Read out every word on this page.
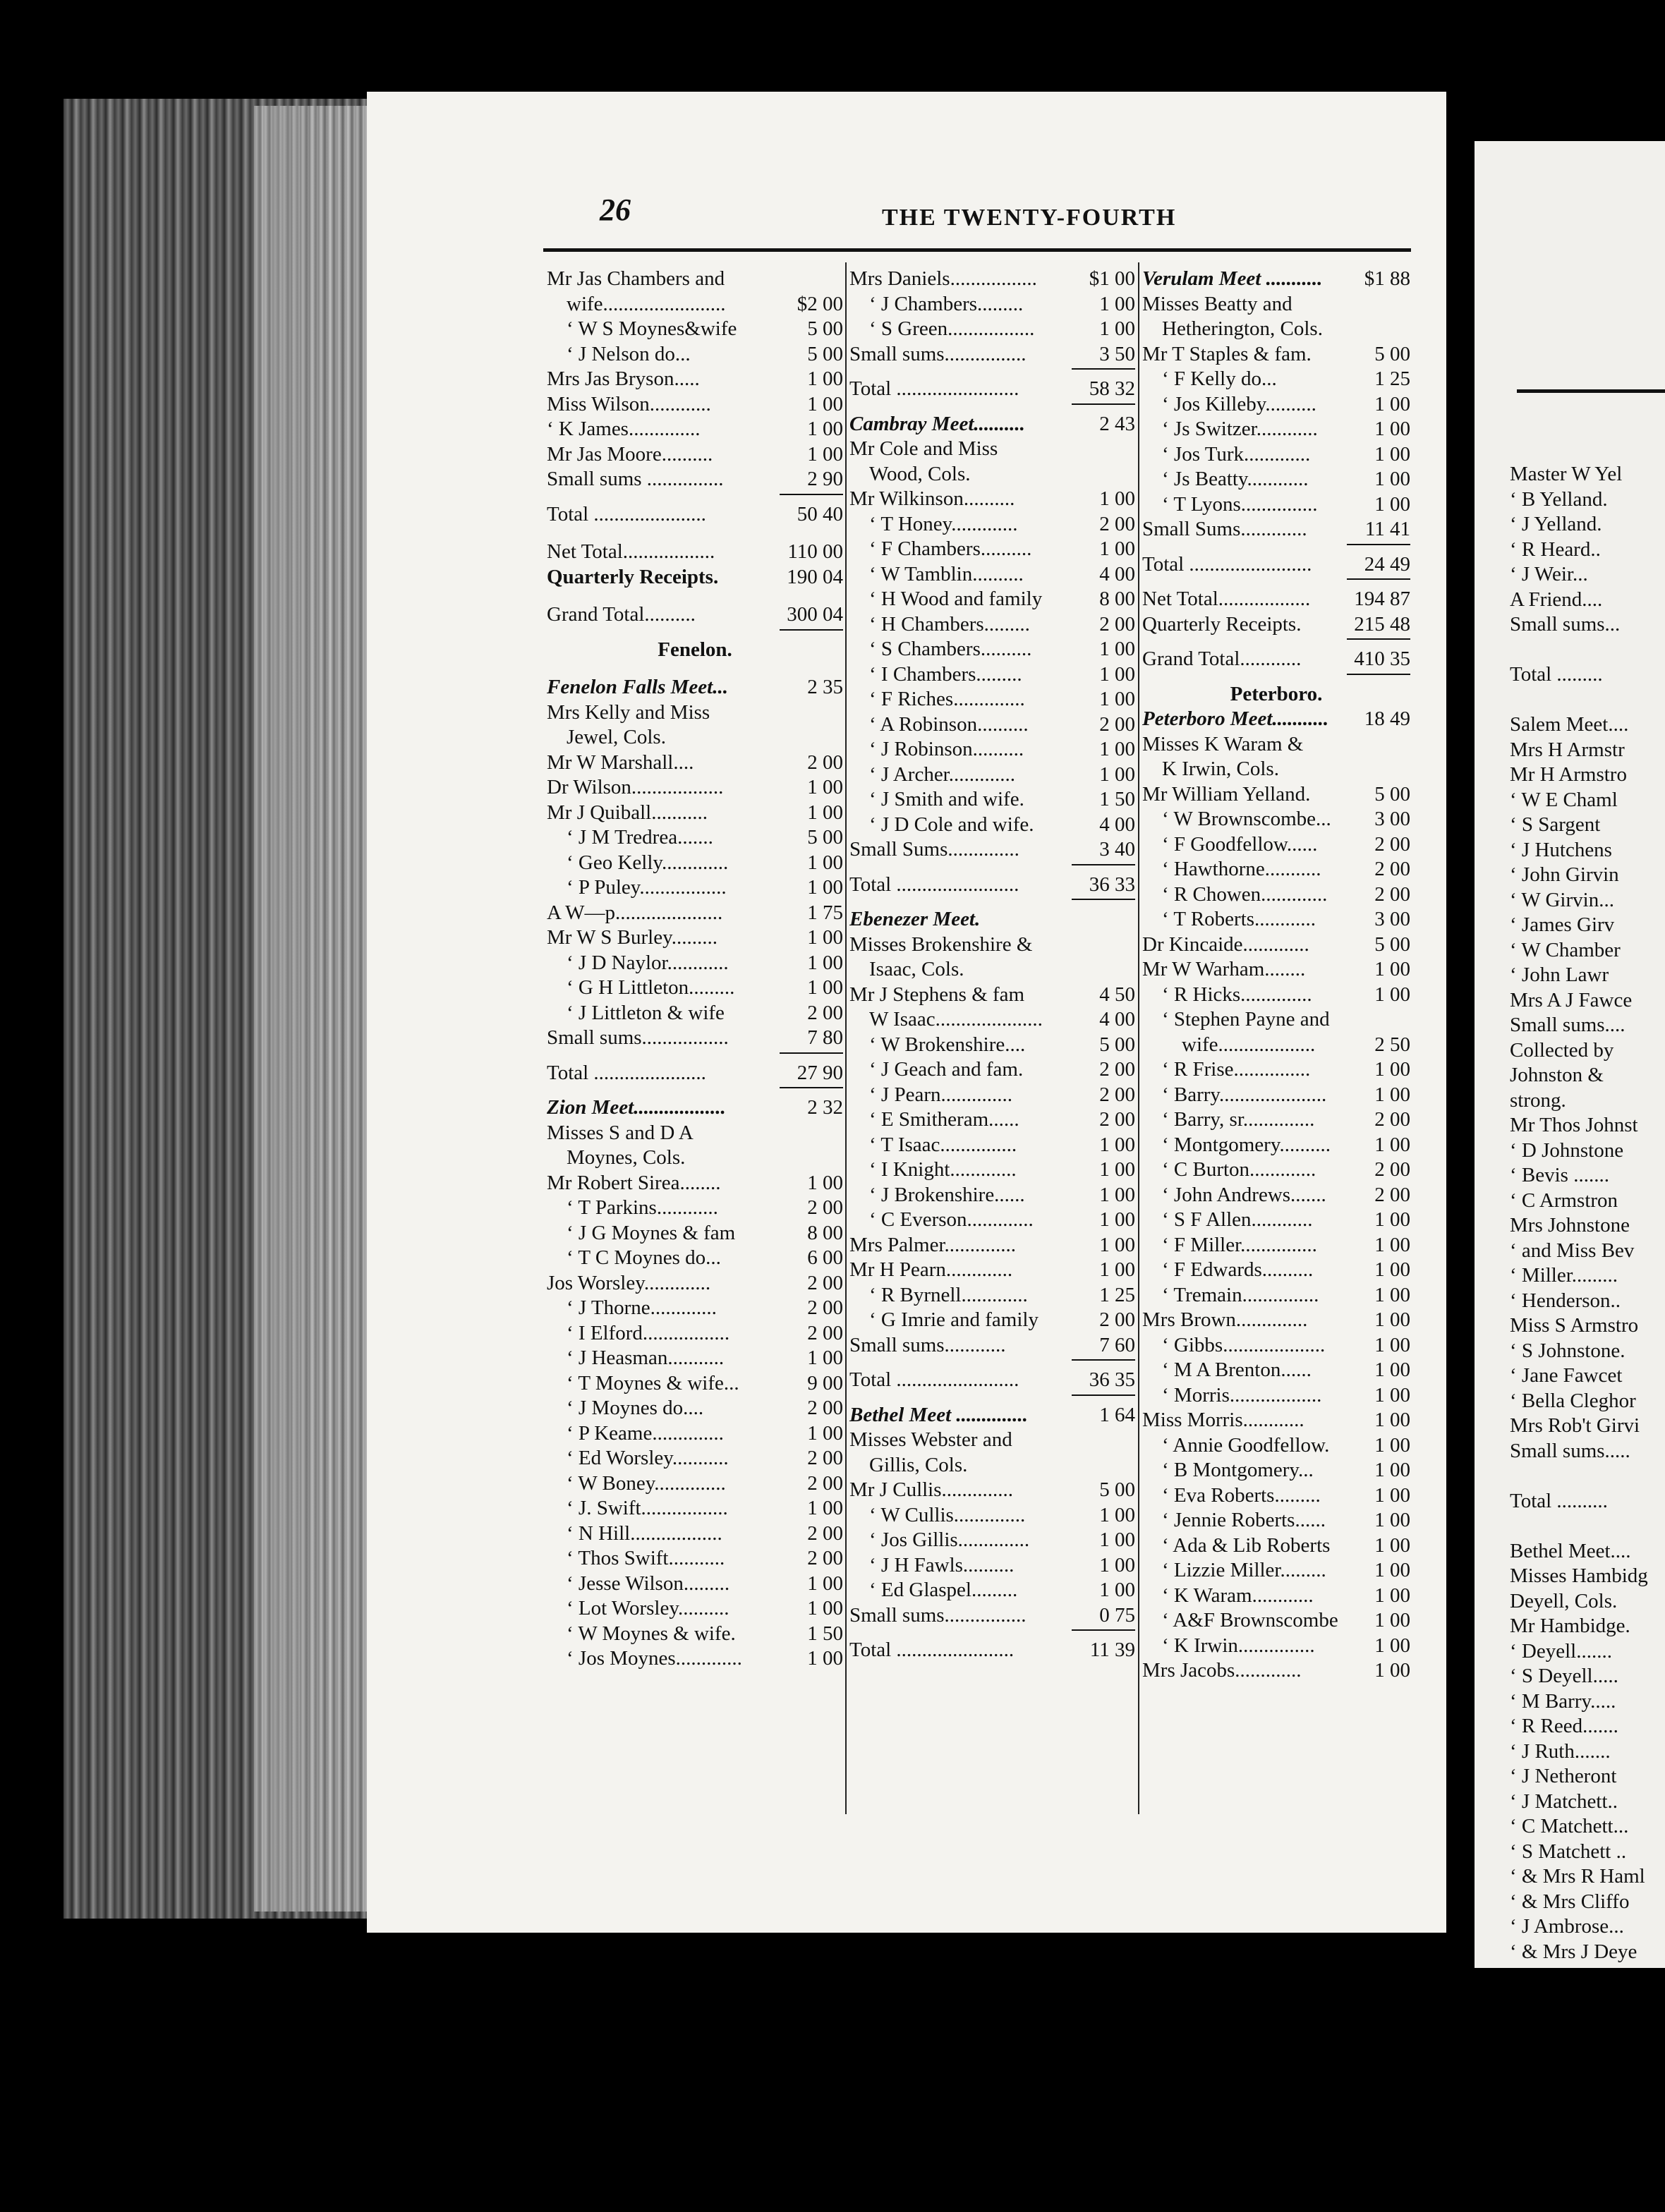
26	THE TWENTY-FOURTH
Mr Jas Chambers and
wife........................	$2 00
‘ W S Moynes&wife	5 00
‘ J Nelson do...	5 00
Mrs Jas Bryson.....	1 00
Miss Wilson............	1 00
‘ K James..............	1 00
Mr Jas Moore..........	1 00
Small sums ...............	2 90
Total ......................	50 40
Net Total..................	110 00
Quarterly Receipts.	190 04
Grand Total..........	300 04
Fenelon.
Fenelon Falls Meet...	2 35
Mrs Kelly and Miss
Jewel, Cols.
Mr W Marshall....	2 00
Dr Wilson..................	1 00
Mr J Quiball...........	1 00
‘ J M Tredrea.......	5 00
‘ Geo Kelly.............	1 00
‘ P Puley.................	1 00
A W—p.....................	1 75
Mr W S Burley.........	1 00
‘ J D Naylor............	1 00
‘ G H Littleton.........	1 00
‘ J Littleton & wife	2 00
Small sums.................	7 80
Total ......................	27 90
Zion Meet..................	2 32
Misses S and D A
Moynes, Cols.
Mr Robert Sirea........	1 00
‘ T Parkins............	2 00
‘ J G Moynes & fam	8 00
‘ T C Moynes do...	6 00
Jos Worsley.............	2 00
‘ J Thorne.............	2 00
‘ I Elford.................	2 00
‘ J Heasman...........	1 00
‘ T Moynes & wife...	9 00
‘ J Moynes do....	2 00
‘ P Keame..............	1 00
‘ Ed Worsley...........	2 00
‘ W Boney..............	2 00
‘ J. Swift.................	1 00
‘ N Hill..................	2 00
‘ Thos Swift...........	2 00
‘ Jesse Wilson.........	1 00
‘ Lot Worsley..........	1 00
‘ W Moynes & wife.	1 50
‘ Jos Moynes.............	1 00
Mrs Daniels.................	$1 00
‘ J Chambers.........	1 00
‘ S Green.................	1 00
Small sums................	3 50
Total ........................	58 32
Cambray Meet..........	2 43
Mr Cole and Miss
Wood, Cols.
Mr Wilkinson..........	1 00
‘ T Honey.............	2 00
‘ F Chambers..........	1 00
‘ W Tamblin..........	4 00
‘ H Wood and family	8 00
‘ H Chambers.........	2 00
‘ S Chambers..........	1 00
‘ I Chambers.........	1 00
‘ F Riches..............	1 00
‘ A Robinson..........	2 00
‘ J Robinson..........	1 00
‘ J Archer.............	1 00
‘ J Smith and wife.	1 50
‘ J D Cole and wife.	4 00
Small Sums..............	3 40
Total ........................	36 33
Ebenezer Meet.
Misses Brokenshire &
Isaac, Cols.
Mr J Stephens & fam	4 50
W Isaac.....................	4 00
‘ W Brokenshire....	5 00
‘ J Geach and fam.	2 00
‘ J Pearn..............	2 00
‘ E Smitheram......	2 00
‘ T Isaac...............	1 00
‘ I Knight.............	1 00
‘ J Brokenshire......	1 00
‘ C Everson.............	1 00
Mrs Palmer..............	1 00
Mr H Pearn.............	1 00
‘ R Byrnell.............	1 25
‘ G Imrie and family	2 00
Small sums............	7 60
Total ........................	36 35
Bethel Meet ..............	1 64
Misses Webster and
Gillis, Cols.
Mr J Cullis..............	5 00
‘ W Cullis..............	1 00
‘ Jos Gillis..............	1 00
‘ J H Fawls..........	1 00
‘ Ed Glaspel.........	1 00
Small sums................	0 75
Total .......................	11 39
Verulam Meet ........... $1 88
Misses Beatty and
Hetherington, Cols.
Mr T Staples & fam.	5 00
‘ F Kelly do...	1 25
‘ Jos Killeby..........	1 00
‘ Js Switzer............	1 00
‘ Jos Turk.............	1 00
‘ Js Beatty............	1 00
‘ T Lyons...............	1 00
Small Sums.............	11 41
Total ........................	24 49
Net Total.................. 194 87
Quarterly Receipts.	215 48
Grand Total............	410 35
Peterboro.
Peterboro Meet........... 18 49
Misses K Waram &
K Irwin, Cols.
Mr William Yelland.	5 00
‘ W Brownscombe... 3 00
‘ F Goodfellow......	2 00
‘ Hawthorne...........	2 00
‘ R Chowen............. 2 00
‘ T Roberts............	3 00
Dr Kincaide.............	5 00
Mr W Warham........	1 00
‘ R Hicks..............	1 00
‘ Stephen Payne and
wife...................	2 50
‘ R Frise...............	1 00
‘ Barry..................... 1 00
‘ Barry, sr..............	2 00
‘ Montgomery.......... 1 00
‘ C Burton.............	2 00
‘ John Andrews....... 2 00
‘ S F Allen............	1 00
‘ F Miller...............	1 00
‘ F Edwards..........	1 00
‘ Tremain...............	1 00
Mrs Brown..............	1 00
‘ Gibbs.................... 1 00
‘ M A Brenton......	1 00
‘ Morris..................	1 00
Miss Morris............	1 00
‘ Annie Goodfellow. 1 00
‘ B Montgomery...	1 00
‘ Eva Roberts.........	1 00
‘ Jennie Roberts...... 1 00
‘ Ada & Lib Roberts 1 00
‘ Lizzie Miller......... 1 00
‘ K Waram............	1 00
‘ A&F Brownscombe 1 00
‘ K Irwin...............	1 00
Mrs Jacobs.............	1 00
Master W Yel
‘ B Yelland.
‘ J Yelland.
‘ R Heard..
‘ J Weir...
A Friend....
Small sums...
Total .........
Salem Meet....
Mrs H Armstr
Mr H Armstro
‘ W E Chaml
‘ S Sargent
‘ J Hutchens
‘ John Girvin
‘ W Girvin...
‘ James Girv
‘ W Chamber
‘ John Lawr
Mrs A J Fawce
Small sums....
Collected by
Johnston &
strong.
Mr Thos Johnst
‘ D Johnstone
‘ Bevis .......
‘ C Armstron
Mrs Johnstone
‘ and Miss Bev
‘ Miller.........
‘ Henderson..
Miss S Armstro
‘ S Johnstone.
‘ Jane Fawcet
‘ Bella Cleghor
Mrs Rob't Girvi
Small sums.....
Total ..........
Bethel Meet....
Misses Hambidg
Deyell, Cols.
Mr Hambidge.
‘ Deyell.......
‘ S Deyell.....
‘ M Barry.....
‘ R Reed.......
‘ J Ruth.......
‘ J Netheront
‘ J Matchett..
‘ C Matchett...
‘ S Matchett ..
‘ & Mrs R Haml
‘ & Mrs Cliffo
‘ J Ambrose...
‘ & Mrs J Deye
